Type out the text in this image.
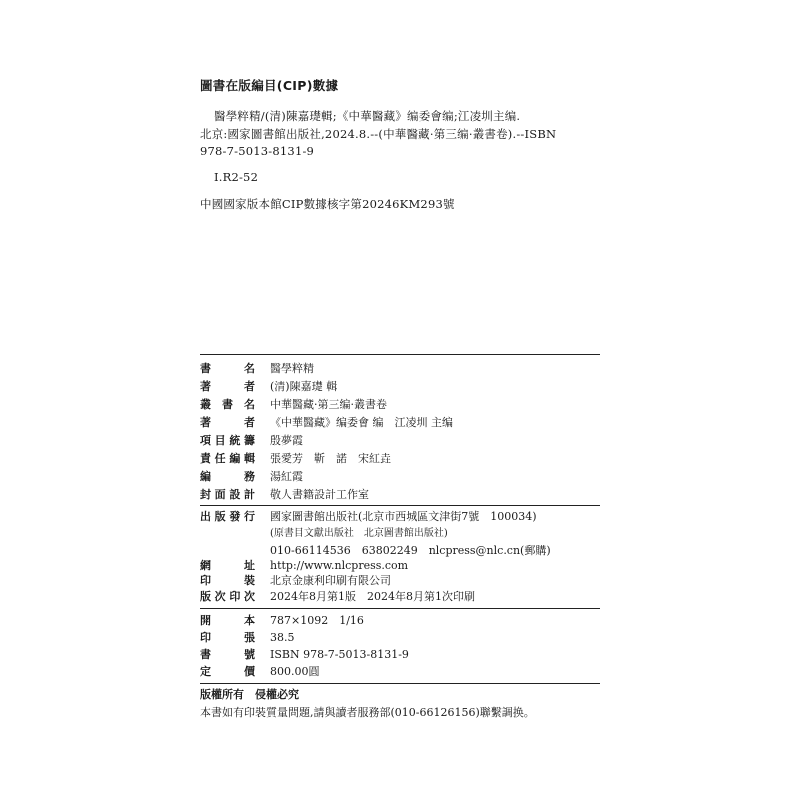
圖書在版編目(CIP)數據
醫學粹精/(清)陳嘉璴輯;《中華醫藏》编委會编;江凌圳主编.
北京:國家圖書館出版社,2024.8.--(中華醫藏·第三编·叢書卷).--ISBN
978-7-5013-8131-9
Ⅰ.R2-52
中國國家版本館CIP數據核字第20246KM293號
書　名 醫學粹精
著　者 (清)陳嘉璴 輯
叢書名 中華醫藏·第三编·叢書卷
著　者 《中華醫藏》编委會 编　江凌圳 主编
項目統籌 殷夢霞
責任編輯 張愛芳　靳　諾　宋紅垚
編　務 湯紅霞
封面設計 敬人書籍設計工作室
出版發行 國家圖書館出版社(北京市西城區文津街7號　100034)
(原書目文獻出版社　北京圖書館出版社)
010-66114536　63802249　nlcpress@nlc.cn(郵購)
網　址 http://www.nlcpress.com
印　裝 北京金康利印刷有限公司
版次印次 2024年8月第1版　2024年8月第1次印刷
開　本 787×1092　1/16
印　張 38.5
書　號 ISBN 978-7-5013-8131-9
定　價 800.00圓
版權所有　侵權必究
本書如有印裝質量問題,請與讀者服務部(010-66126156)聯繫調换。
